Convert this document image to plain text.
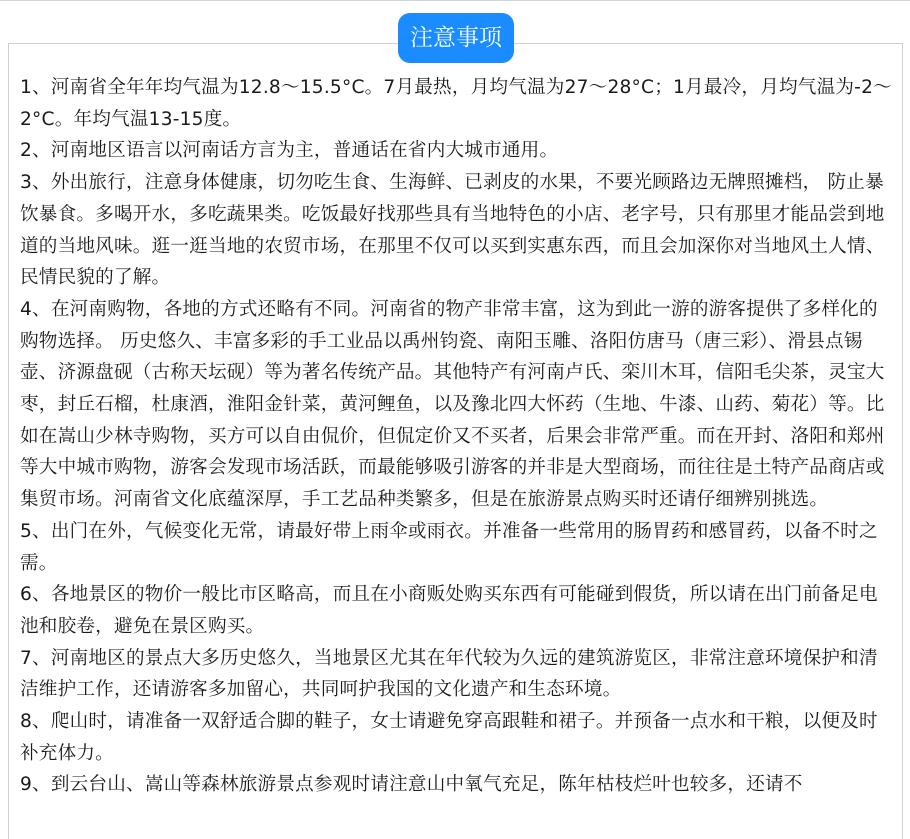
注意事项
1、河南省全年年均气温为12.8～15.5°C。7月最热，月均气温为27～28°C；1月最冷，月均气温为-2～2°C。年均气温13-15度。
2、河南地区语言以河南话方言为主，普通话在省内大城市通用。
3、外出旅行，注意身体健康，切勿吃生食、生海鲜、已剥皮的水果，不要光顾路边无牌照摊档， 防止暴饮暴食。多喝开水，多吃蔬果类。吃饭最好找那些具有当地特色的小店、老字号，只有那里才能品尝到地道的当地风味。逛一逛当地的农贸市场，在那里不仅可以买到实惠东西，而且会加深你对当地风土人情、民情民貌的了解。
4、在河南购物，各地的方式还略有不同。河南省的物产非常丰富，这为到此一游的游客提供了多样化的购物选择。 历史悠久、丰富多彩的手工业品以禹州钧瓷、南阳玉雕、洛阳仿唐马（唐三彩）、滑县点锡壶、济源盘砚（古称天坛砚）等为著名传统产品。其他特产有河南卢氏、栾川木耳，信阳毛尖茶，灵宝大枣，封丘石榴，杜康酒，淮阳金针菜，黄河鲤鱼，以及豫北四大怀药（生地、牛漆、山药、菊花）等。比如在嵩山少林寺购物，买方可以自由侃价，但侃定价又不买者，后果会非常严重。而在开封、洛阳和郑州等大中城市购物，游客会发现市场活跃，而最能够吸引游客的并非是大型商场，而往往是土特产品商店或集贸市场。河南省文化底蕴深厚，手工艺品种类繁多，但是在旅游景点购买时还请仔细辨别挑选。
5、出门在外，气候变化无常，请最好带上雨伞或雨衣。并准备一些常用的肠胃药和感冒药，以备不时之需。
6、各地景区的物价一般比市区略高，而且在小商贩处购买东西有可能碰到假货，所以请在出门前备足电池和胶卷，避免在景区购买。
7、河南地区的景点大多历史悠久，当地景区尤其在年代较为久远的建筑游览区，非常注意环境保护和清洁维护工作，还请游客多加留心，共同呵护我国的文化遗产和生态环境。
8、爬山时，请准备一双舒适合脚的鞋子，女士请避免穿高跟鞋和裙子。并预备一点水和干粮，以便及时补充体力。
9、到云台山、嵩山等森林旅游景点参观时请注意山中氧气充足，陈年枯枝烂叶也较多，还请不
